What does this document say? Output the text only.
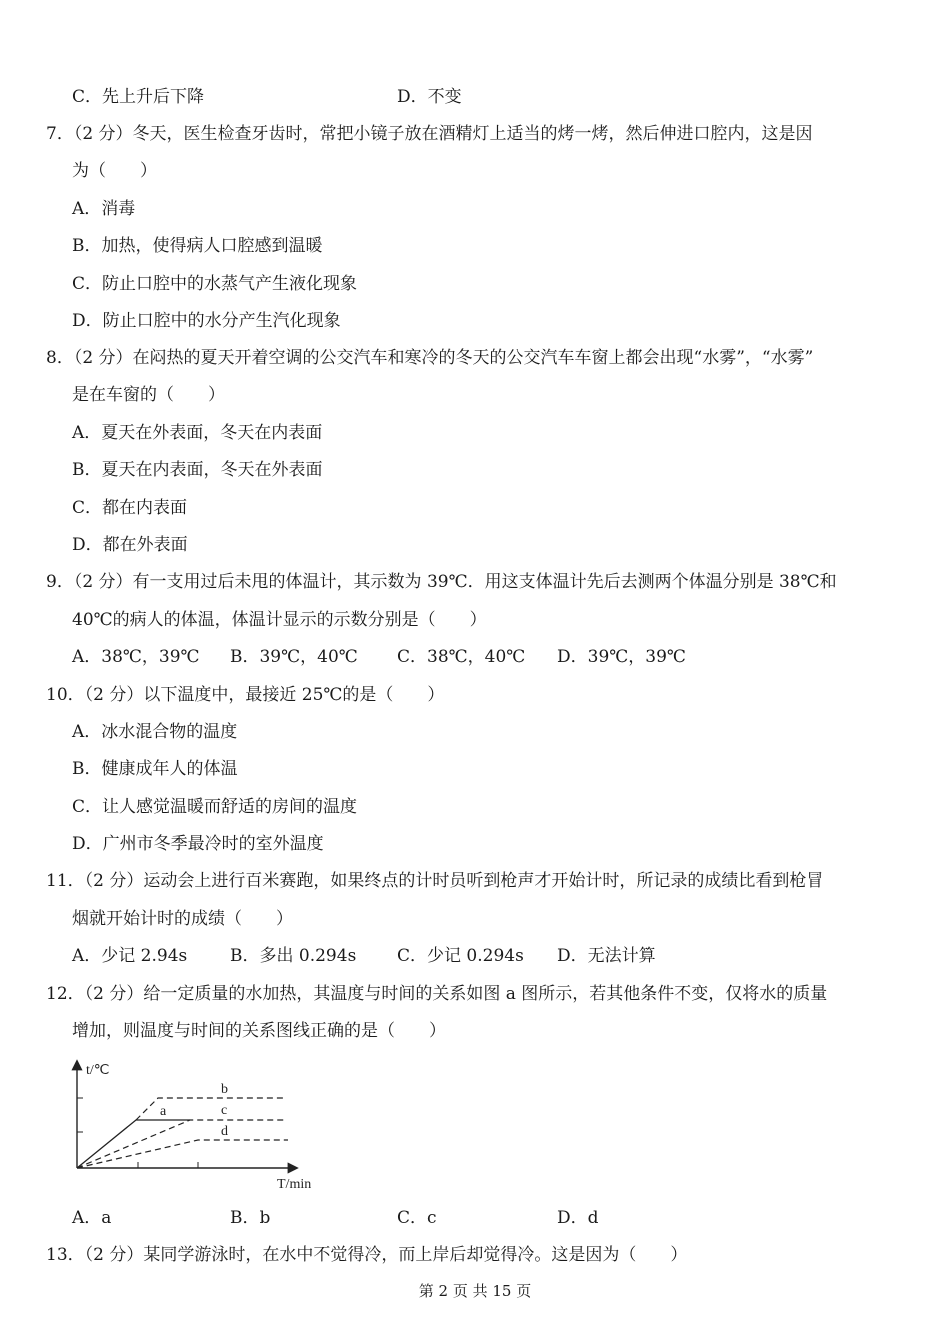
C．先上升后下降	D．不变
7．（2 分）冬天，医生检查牙齿时，常把小镜子放在酒精灯上适当的烤一烤，然后伸进口腔内，这是因
为（　　）
A．消毒
B．加热，使得病人口腔感到温暖
C．防止口腔中的水蒸气产生液化现象
D．防止口腔中的水分产生汽化现象
8．（2 分）在闷热的夏天开着空调的公交汽车和寒冷的冬天的公交汽车车窗上都会出现“水雾”，“水雾”
是在车窗的（　　）
A．夏天在外表面，冬天在内表面
B．夏天在内表面，冬天在外表面
C．都在内表面
D．都在外表面
9．（2 分）有一支用过后未甩的体温计，其示数为 39℃．用这支体温计先后去测两个体温分别是 38℃和
40℃的病人的体温，体温计显示的示数分别是（　　）
A．38℃，39℃ B．39℃，40℃ C．38℃，40℃ D．39℃，39℃
10．（2 分）以下温度中，最接近 25℃的是（　　）
A．冰水混合物的温度
B．健康成年人的体温
C．让人感觉温暖而舒适的房间的温度
D．广州市冬季最冷时的室外温度
11．（2 分）运动会上进行百米赛跑，如果终点的计时员听到枪声才开始计时，所记录的成绩比看到枪冒
烟就开始计时的成绩（　　）
A．少记 2.94s	B．多出 0.294s C．少记 0.294s D．无法计算
12．（2 分）给一定质量的水加热，其温度与时间的关系如图 a 图所示，若其他条件不变，仅将水的质量
增加，则温度与时间的关系图线正确的是（　　）
t/℃
T/min
a
b
c
d
A．a	B．b	C．c	D．d
13．（2 分）某同学游泳时，在水中不觉得冷，而上岸后却觉得冷。这是因为（　　）
第 2 页 共 15 页
